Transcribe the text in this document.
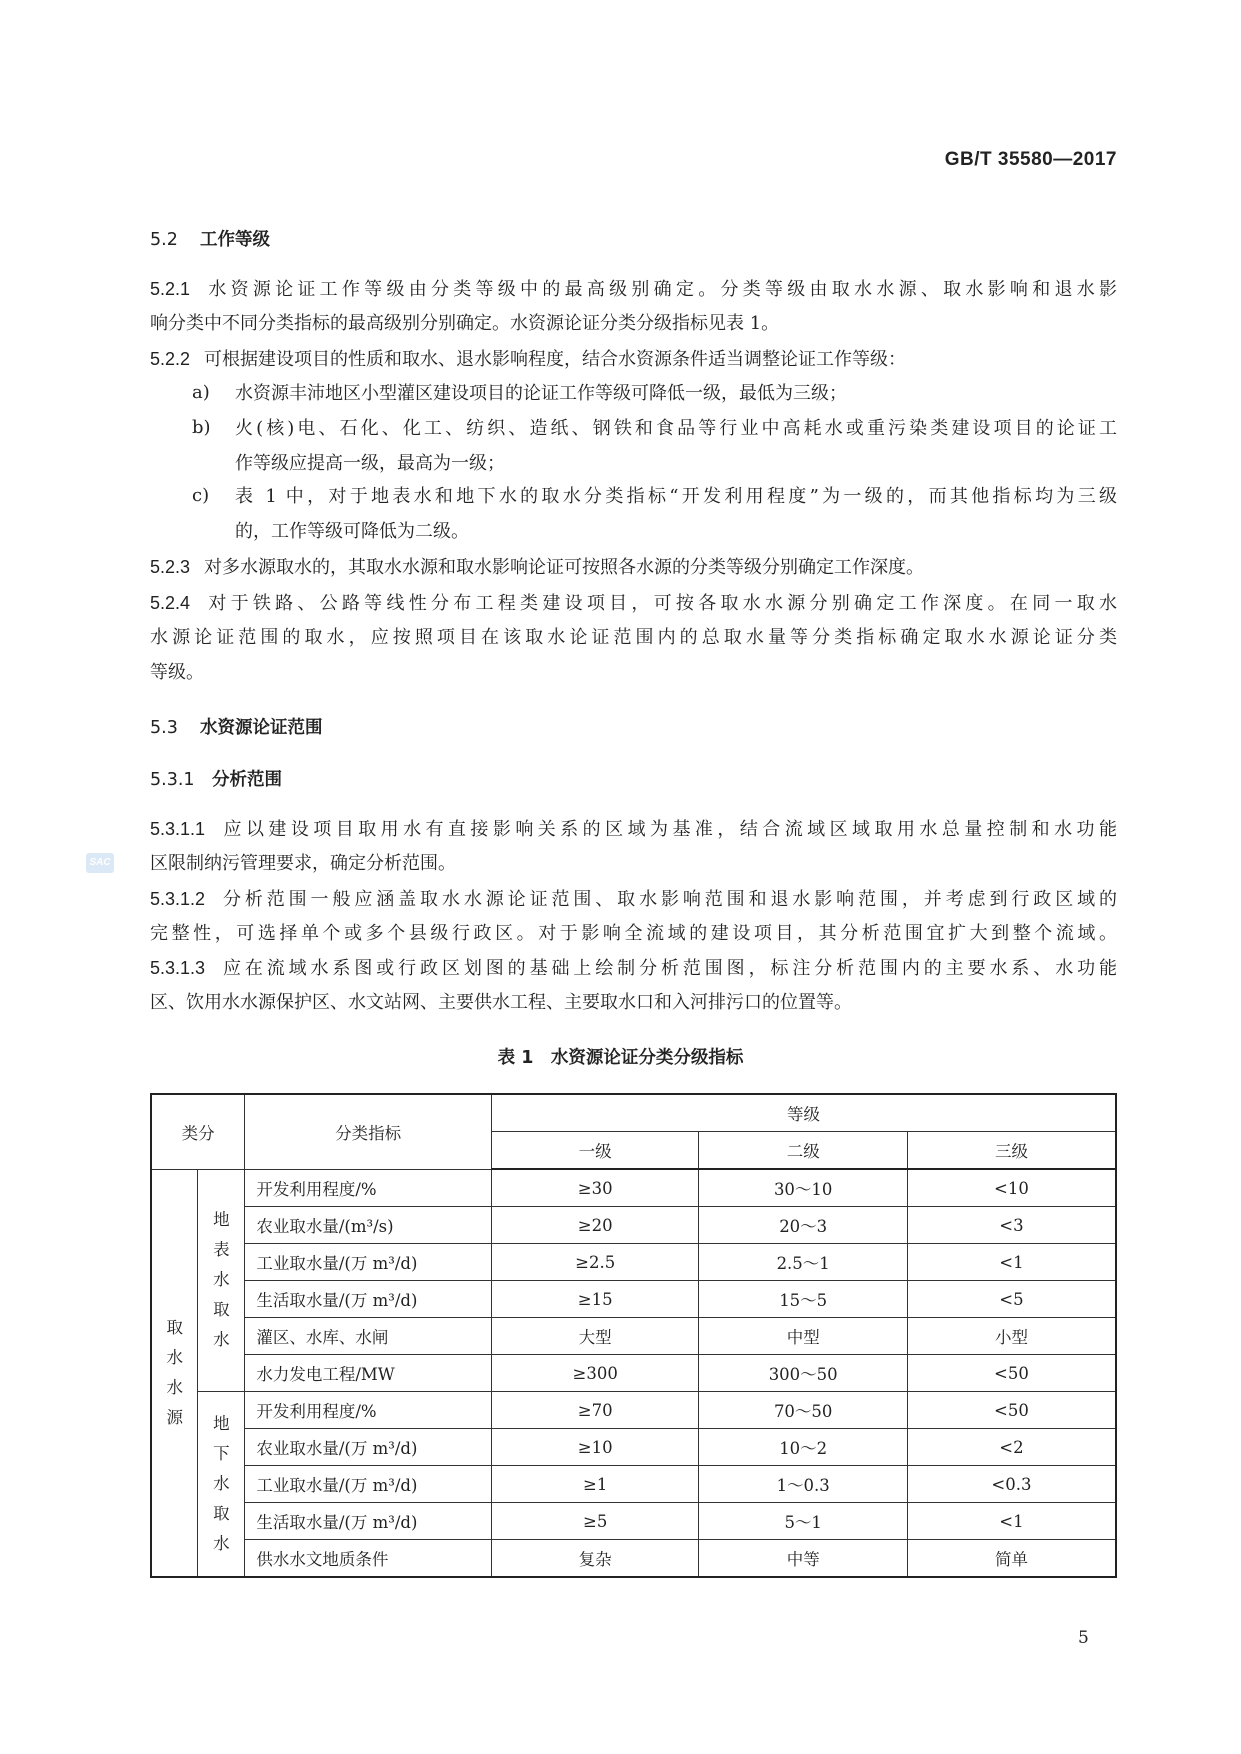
GB/T 35580—2017
5.2 工作等级
5.2.1 水资源论证工作等级由分类等级中的最高级别确定。分类等级由取水水源、取水影响和退水影
响分类中不同分类指标的最高级别分别确定。水资源论证分类分级指标见表 1。
5.2.2 可根据建设项目的性质和取水、退水影响程度，结合水资源条件适当调整论证工作等级：
a) 水资源丰沛地区小型灌区建设项目的论证工作等级可降低一级，最低为三级；
b) 火(核)电、石化、化工、纺织、造纸、钢铁和食品等行业中高耗水或重污染类建设项目的论证工
作等级应提高一级，最高为一级；
c) 表 1 中，对于地表水和地下水的取水分类指标“开发利用程度”为一级的，而其他指标均为三级
的，工作等级可降低为二级。
5.2.3 对多水源取水的，其取水水源和取水影响论证可按照各水源的分类等级分别确定工作深度。
5.2.4 对于铁路、公路等线性分布工程类建设项目，可按各取水水源分别确定工作深度。在同一取水
水源论证范围的取水，应按照项目在该取水论证范围内的总取水量等分类指标确定取水水源论证分类
等级。
5.3 水资源论证范围
5.3.1 分析范围
5.3.1.1 应以建设项目取用水有直接影响关系的区域为基准，结合流域区域取用水总量控制和水功能
区限制纳污管理要求，确定分析范围。
5.3.1.2 分析范围一般应涵盖取水水源论证范围、取水影响范围和退水影响范围，并考虑到行政区域的
完整性，可选择单个或多个县级行政区。对于影响全流域的建设项目，其分析范围宜扩大到整个流域。
5.3.1.3 应在流域水系图或行政区划图的基础上绘制分析范围图，标注分析范围内的主要水系、水功能
区、饮用水水源保护区、水文站网、主要供水工程、主要取水口和入河排污口的位置等。
SAC
表 1　水资源论证分类分级指标
类分		分类指标	等级		
			一级	二级	三级

取水水源	地表水取水	开发利用程度/%	≥30	30～10	<10
		农业取水量/(m³/s)	≥20	20～3	<3
		工业取水量/(万 m³/d)	≥2.5	2.5～1	<1
		生活取水量/(万 m³/d)	≥15	15～5	<5
		灌区、水库、水闸	大型	中型	小型
		水力发电工程/MW	≥300	300～50	<50

	地下水取水	开发利用程度/%	≥70	70～50	<50
		农业取水量/(万 m³/d)	≥10	10～2	<2
		工业取水量/(万 m³/d)	≥1	1～0.3	<0.3
		生活取水量/(万 m³/d)	≥5	5～1	<1
		供水水文地质条件	复杂	中等	简单
5
